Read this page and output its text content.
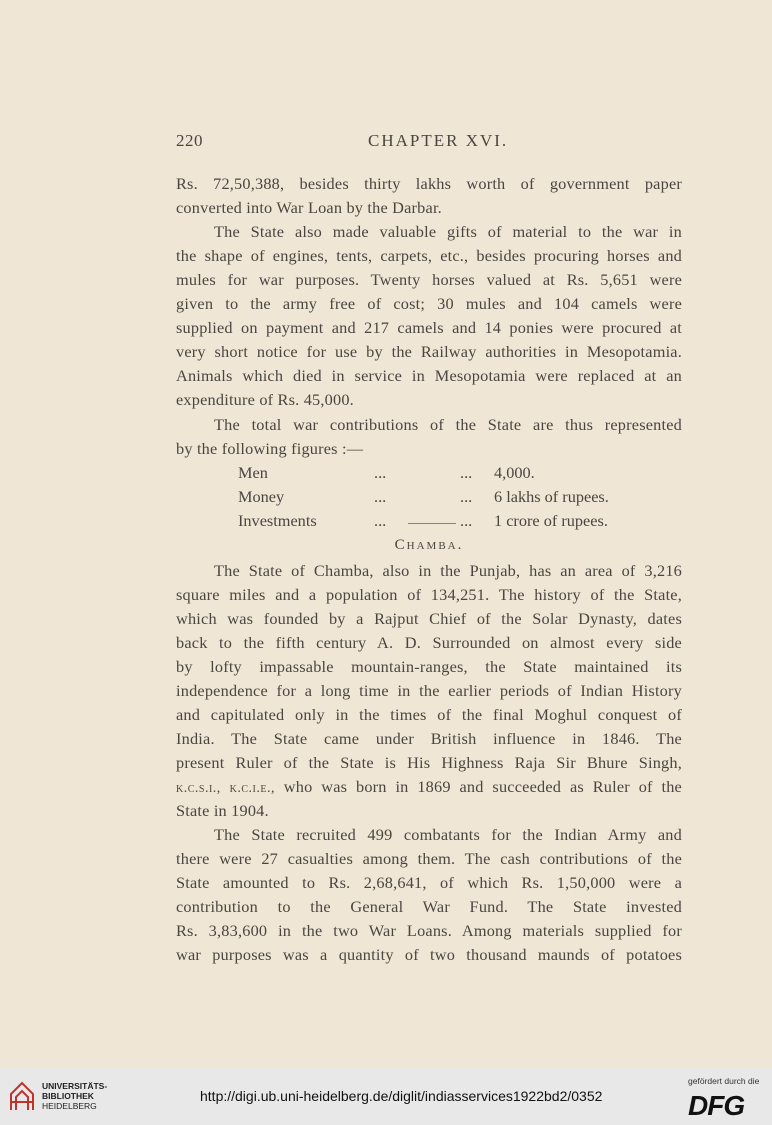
220	CHAPTER XVI.
Rs. 72,50,388, besides thirty lakhs worth of government paper
converted into War Loan by the Darbar.
The State also made valuable gifts of material to the war in
the shape of engines, tents, carpets, etc., besides procuring horses and
mules for war purposes. Twenty horses valued at Rs. 5,651 were
given to the army free of cost; 30 mules and 104 camels were
supplied on payment and 217 camels and 14 ponies were procured at
very short notice for use by the Railway authorities in Mesopotamia.
Animals which died in service in Mesopotamia were replaced at an
expenditure of Rs. 45,000.
The total war contributions of the State are thus represented
by the following figures :—
Men	...	... 4,000.
Money	...	... 6 lakhs of rupees.
Investments	...	... 1 crore of rupees.
Chamba.
The State of Chamba, also in the Punjab, has an area of 3,216
square miles and a population of 134,251. The history of the State,
which was founded by a Rajput Chief of the Solar Dynasty, dates
back to the fifth century A. D. Surrounded on almost every side
by lofty impassable mountain-ranges, the State maintained its
independence for a long time in the earlier periods of Indian History
and capitulated only in the times of the final Moghul conquest of
India. The State came under British influence in 1846. The
present Ruler of the State is His Highness Raja Sir Bhure Singh,
k.c.s.i., k.c.i.e., who was born in 1869 and succeeded as Ruler of the
State in 1904.
The State recruited 499 combatants for the Indian Army and
there were 27 casualties among them. The cash contributions of the
State amounted to Rs. 2,68,641, of which Rs. 1,50,000 were a
contribution to the General War Fund. The State invested
Rs. 3,83,600 in the two War Loans. Among materials supplied for
war purposes was a quantity of two thousand maunds of potatoes
UNIVERSITÄTS-
BIBLIOTHEK
HEIDELBERG
http://digi.ub.uni-heidelberg.de/diglit/indiasservices1922bd2/0352
gefördert durch die
DFG
